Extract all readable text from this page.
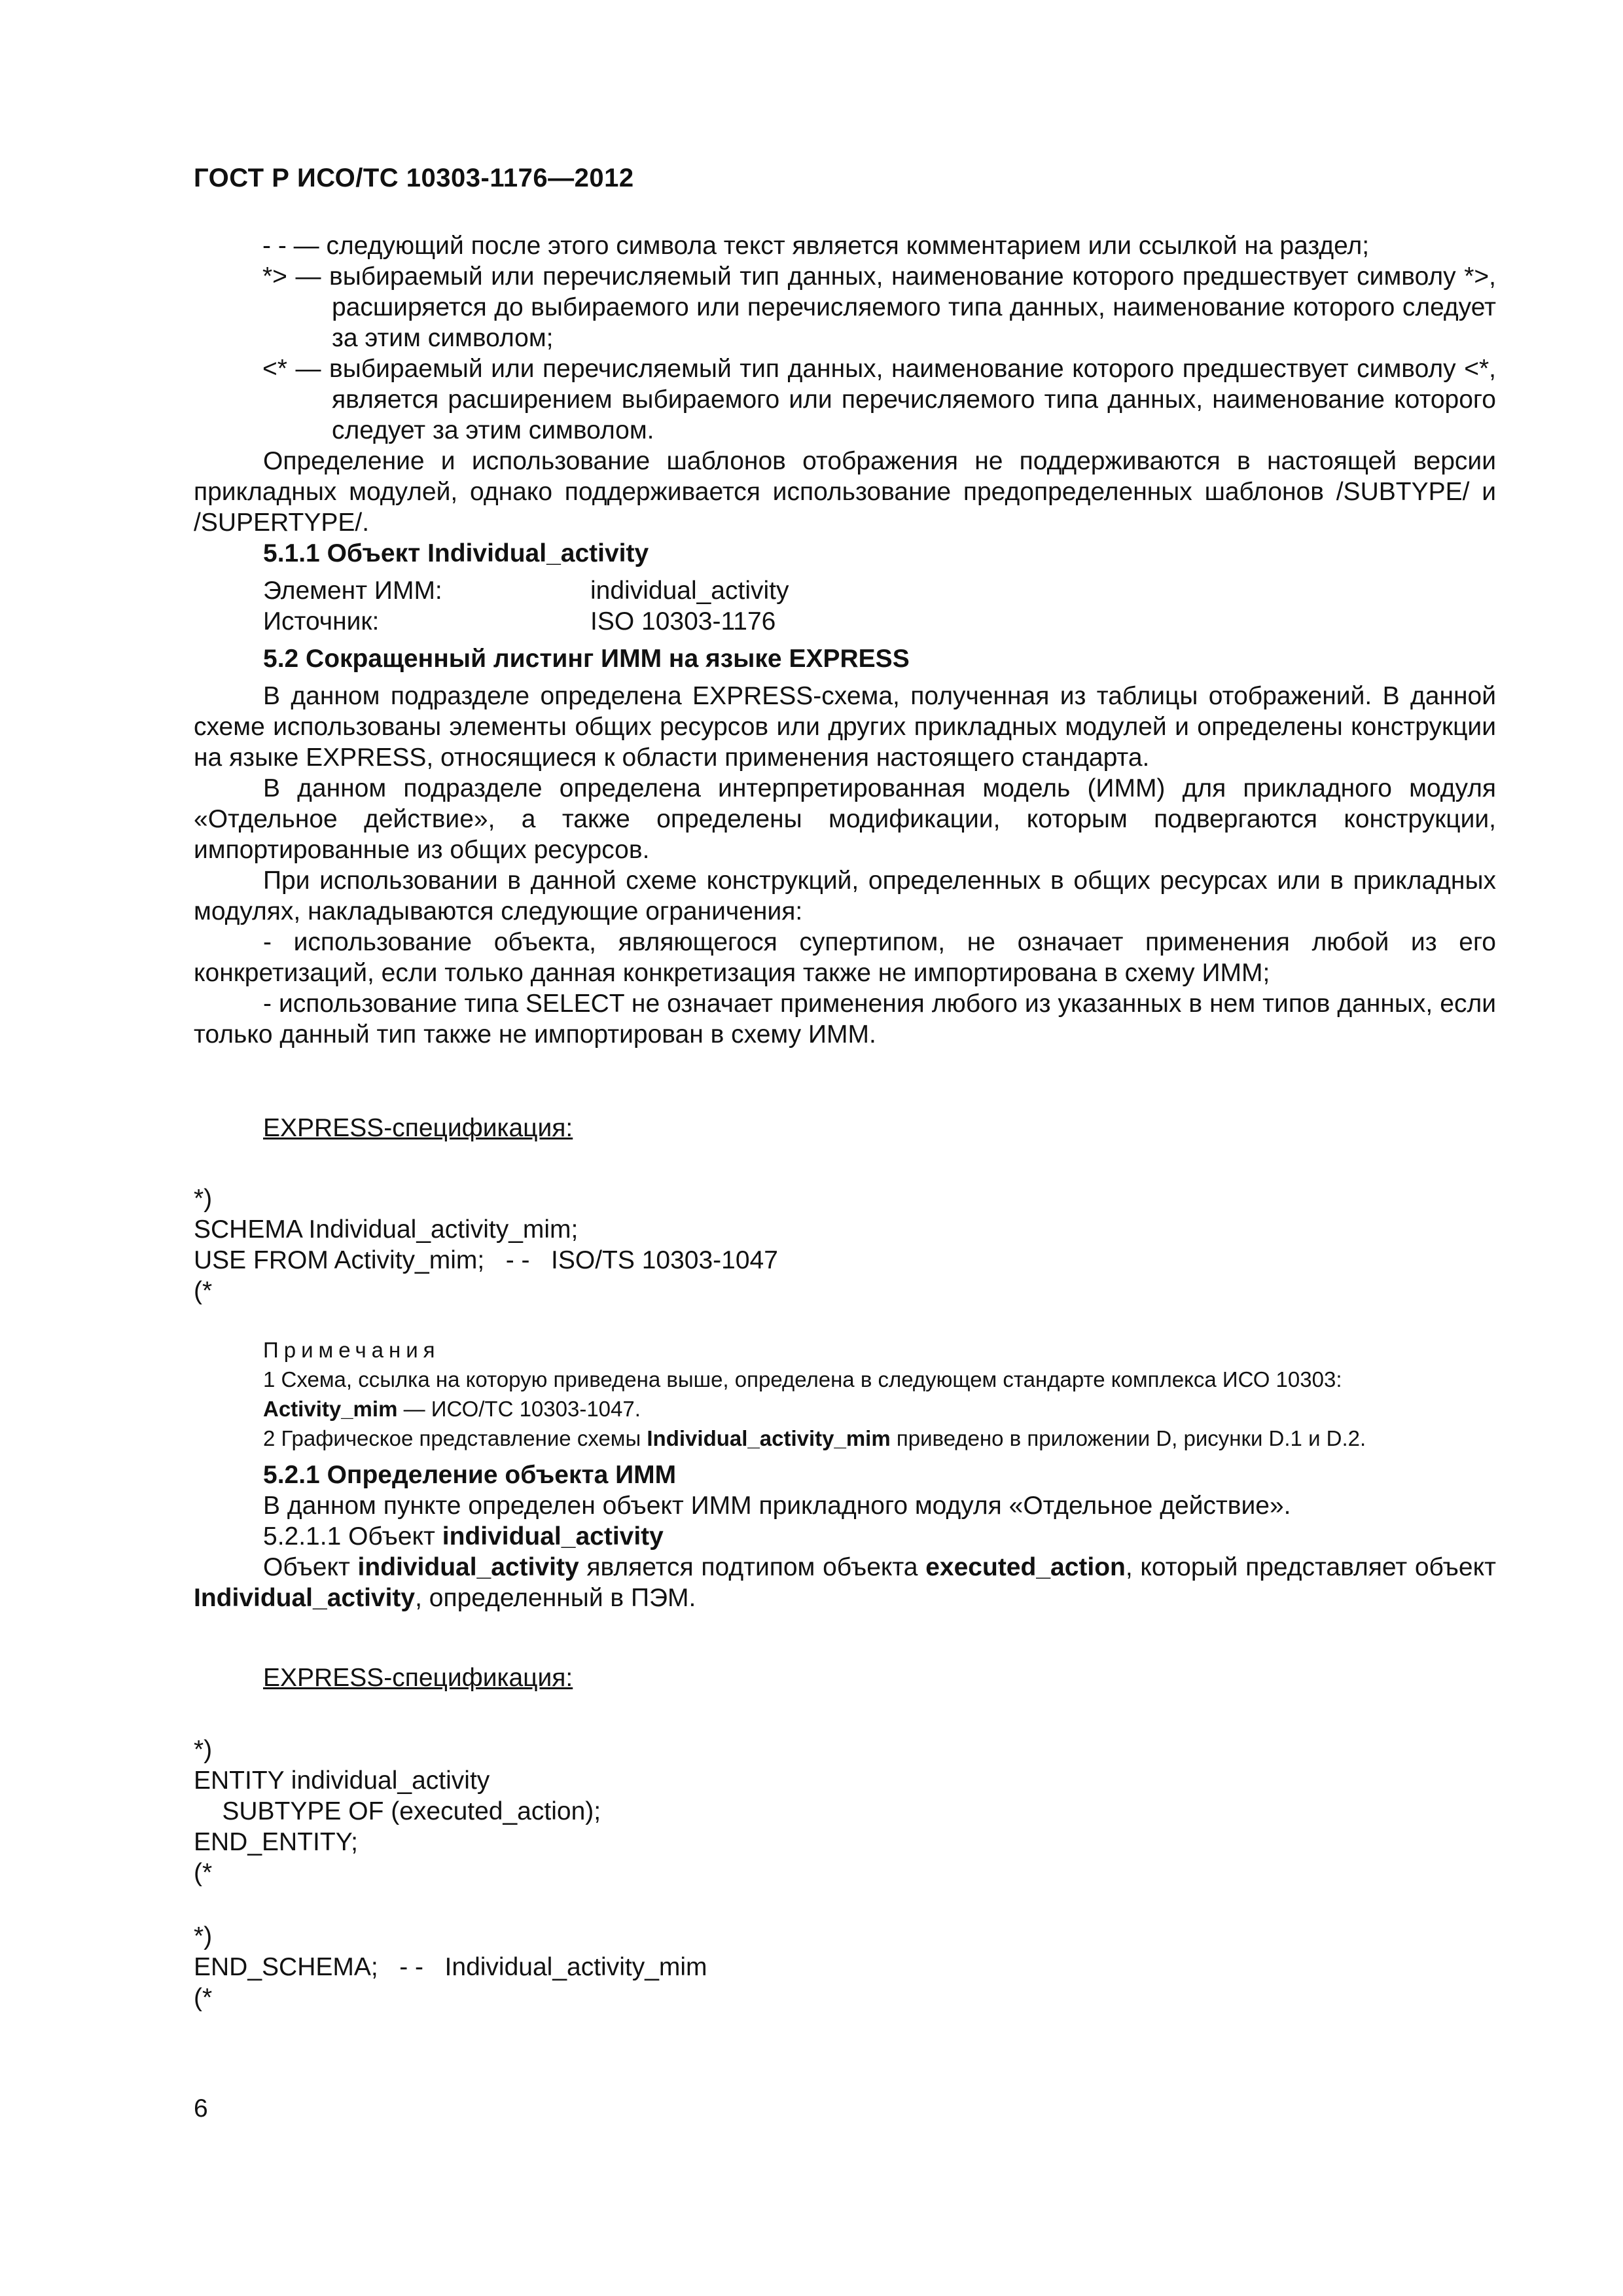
ГОСТ Р ИСО/ТС 10303-1176—2012

- - — следующий после этого символа текст является комментарием или ссылкой на раздел;

*> — выбираемый или перечисляемый тип данных, наименование которого предшествует символу *>, расширяется до выбираемого или перечисляемого типа данных, наименование которого следует за этим символом;

<* — выбираемый или перечисляемый тип данных, наименование которого предшествует символу <*, является расширением выбираемого или перечисляемого типа данных, наименование которого следует за этим символом.

Определение и использование шаблонов отображения не поддерживаются в настоящей версии прикладных модулей, однако поддерживается использование предопределенных шаблонов /SUBTYPE/ и /SUPERTYPE/.

5.1.1 Объект Individual_activity

Элемент ИММ:	individual_activity
Источник:	ISO 10303-1176

5.2 Сокращенный листинг ИММ на языке EXPRESS

В данном подразделе определена EXPRESS-схема, полученная из таблицы отображений. В данной схеме использованы элементы общих ресурсов или других прикладных модулей и определены конструкции на языке EXPRESS, относящиеся к области применения настоящего стандарта.

В данном подразделе определена интерпретированная модель (ИММ) для прикладного модуля «Отдельное действие», а также определены модификации, которым подвергаются конструкции, импортированные из общих ресурсов.

При использовании в данной схеме конструкций, определенных в общих ресурсах или в прикладных модулях, накладываются следующие ограничения:

- использование объекта, являющегося супертипом, не означает применения любой из его конкретизаций, если только данная конкретизация также не импортирована в схему ИММ;

- использование типа SELECT не означает применения любого из указанных в нем типов данных, если только данный тип также не импортирован в схему ИММ.

EXPRESS-спецификация:

*)

SCHEMA Individual_activity_mim;

USE FROM Activity_mim;   - -   ISO/TS 10303-1047

(*

Примечания

1 Схема, ссылка на которую приведена выше, определена в следующем стандарте комплекса ИСО 10303:

Activity_mim — ИСО/ТС 10303-1047.

2 Графическое представление схемы Individual_activity_mim приведено в приложении D, рисунки D.1 и D.2.

5.2.1 Определение объекта ИММ

В данном пункте определен объект ИММ прикладного модуля «Отдельное действие».

5.2.1.1 Объект individual_activity

Объект individual_activity является подтипом объекта executed_action, который представляет объект Individual_activity, определенный в ПЭМ.

EXPRESS-спецификация:

*)

ENTITY individual_activity

SUBTYPE OF (executed_action);

END_ENTITY;

(*

*)

END_SCHEMA;   - -   Individual_activity_mim

(*

6
